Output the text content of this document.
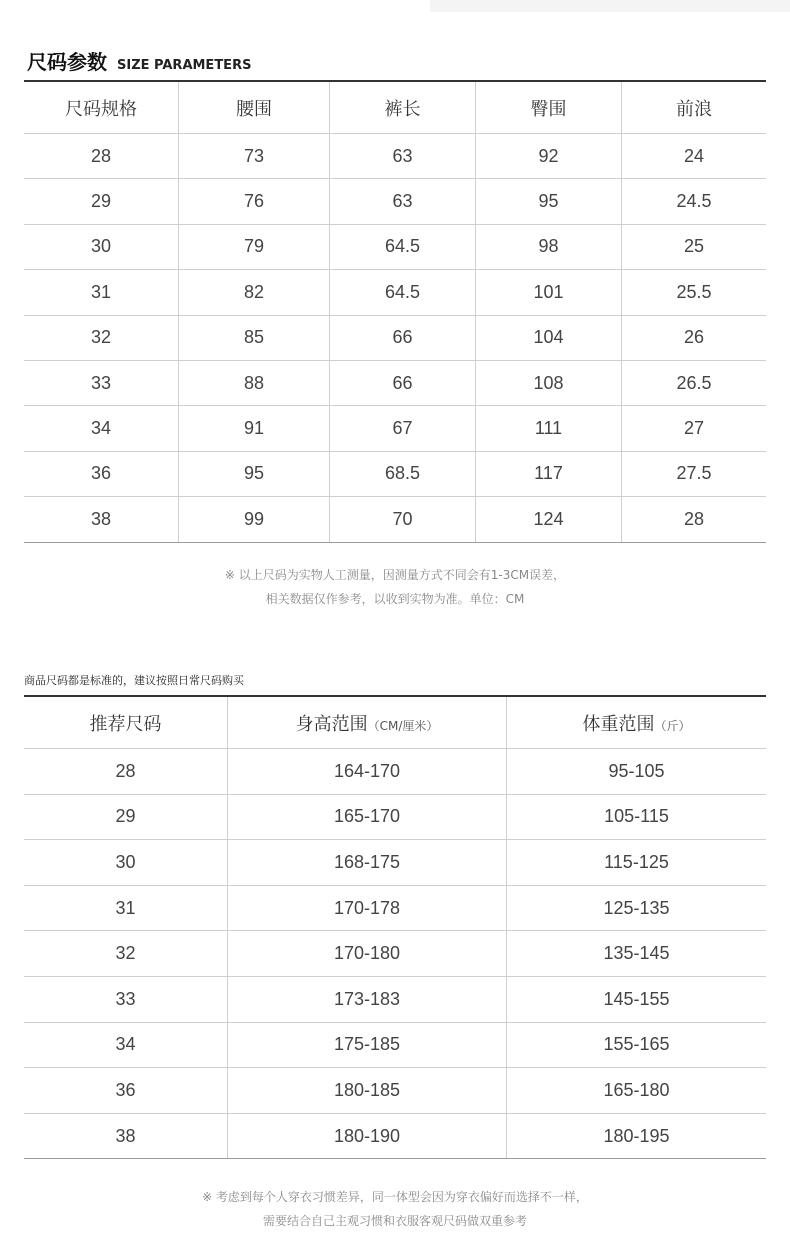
尺码参数 SIZE PARAMETERS
尺码规格	腰围	裤长	臀围	前浪
28	73	63	92	24
29	76	63	95	24.5
30	79	64.5	98	25
31	82	64.5	101	25.5
32	85	66	104	26
33	88	66	108	26.5
34	91	67	111	27
36	95	68.5	117	27.5
38	99	70	124	28
※ 以上尺码为实物人工测量，因测量方式不同会有1-3CM误差，
相关数据仅作参考，以收到实物为准。单位：CM
商品尺码都是标准的，建议按照日常尺码购买
推荐尺码	身高范围（CM/厘米）	体重范围（斤）
28	164-170	95-105
29	165-170	105-115
30	168-175	115-125
31	170-178	125-135
32	170-180	135-145
33	173-183	145-155
34	175-185	155-165
36	180-185	165-180
38	180-190	180-195
※ 考虑到每个人穿衣习惯差异，同一体型会因为穿衣偏好而选择不一样，
需要结合自己主观习惯和衣服客观尺码做双重参考
